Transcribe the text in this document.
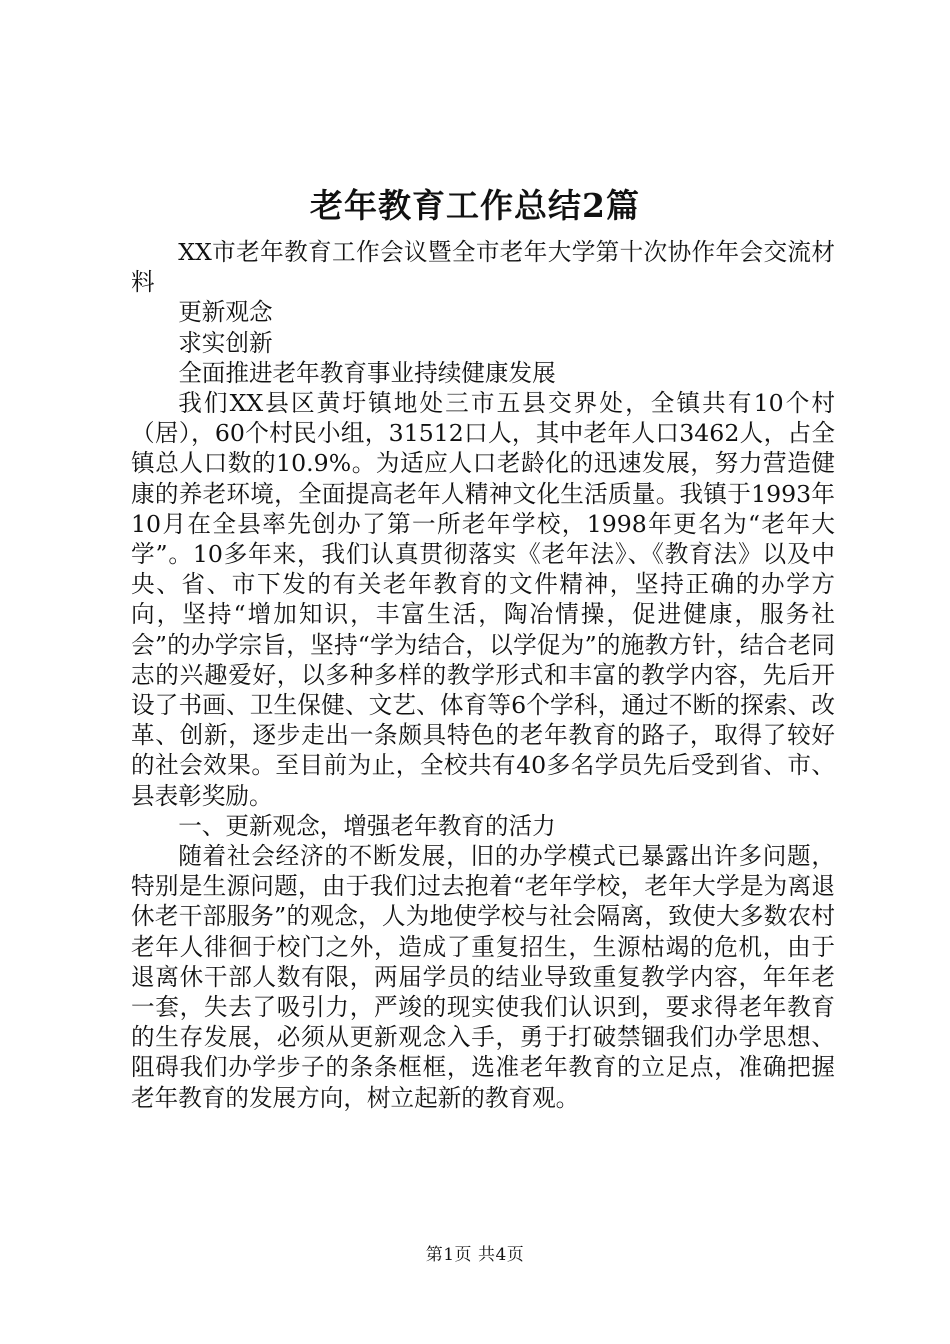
老年教育工作总结2篇

XX市老年教育工作会议暨全市老年大学第十次协作年会交流材料

更新观念

求实创新

全面推进老年教育事业持续健康发展

我们XX县区黄圩镇地处三市五县交界处，全镇共有10个村（居），60个村民小组，31512口人，其中老年人口3462人，占全镇总人口数的10.9%。为适应人口老龄化的迅速发展，努力营造健康的养老环境，全面提高老年人精神文化生活质量。我镇于1993年10月在全县率先创办了第一所老年学校，1998年更名为“老年大学”。10多年来，我们认真贯彻落实《老年法》、《教育法》以及中央、省、市下发的有关老年教育的文件精神，坚持正确的办学方向，坚持“增加知识，丰富生活，陶冶情操，促进健康，服务社会”的办学宗旨，坚持“学为结合，以学促为”的施教方针，结合老同志的兴趣爱好，以多种多样的教学形式和丰富的教学内容，先后开设了书画、卫生保健、文艺、体育等6个学科，通过不断的探索、改革、创新，逐步走出一条颇具特色的老年教育的路子，取得了较好的社会效果。至目前为止，全校共有40多名学员先后受到省、市、县表彰奖励。

一、更新观念，增强老年教育的活力

随着社会经济的不断发展，旧的办学模式已暴露出许多问题，特别是生源问题，由于我们过去抱着“老年学校，老年大学是为离退休老干部服务”的观念，人为地使学校与社会隔离，致使大多数农村老年人徘徊于校门之外，造成了重复招生，生源枯竭的危机，由于退离休干部人数有限，两届学员的结业导致重复教学内容，年年老一套，失去了吸引力，严竣的现实使我们认识到，要求得老年教育的生存发展，必须从更新观念入手，勇于打破禁锢我们办学思想、阻碍我们办学步子的条条框框，选准老年教育的立足点，准确把握老年教育的发展方向，树立起新的教育观。

第1页 共4页
